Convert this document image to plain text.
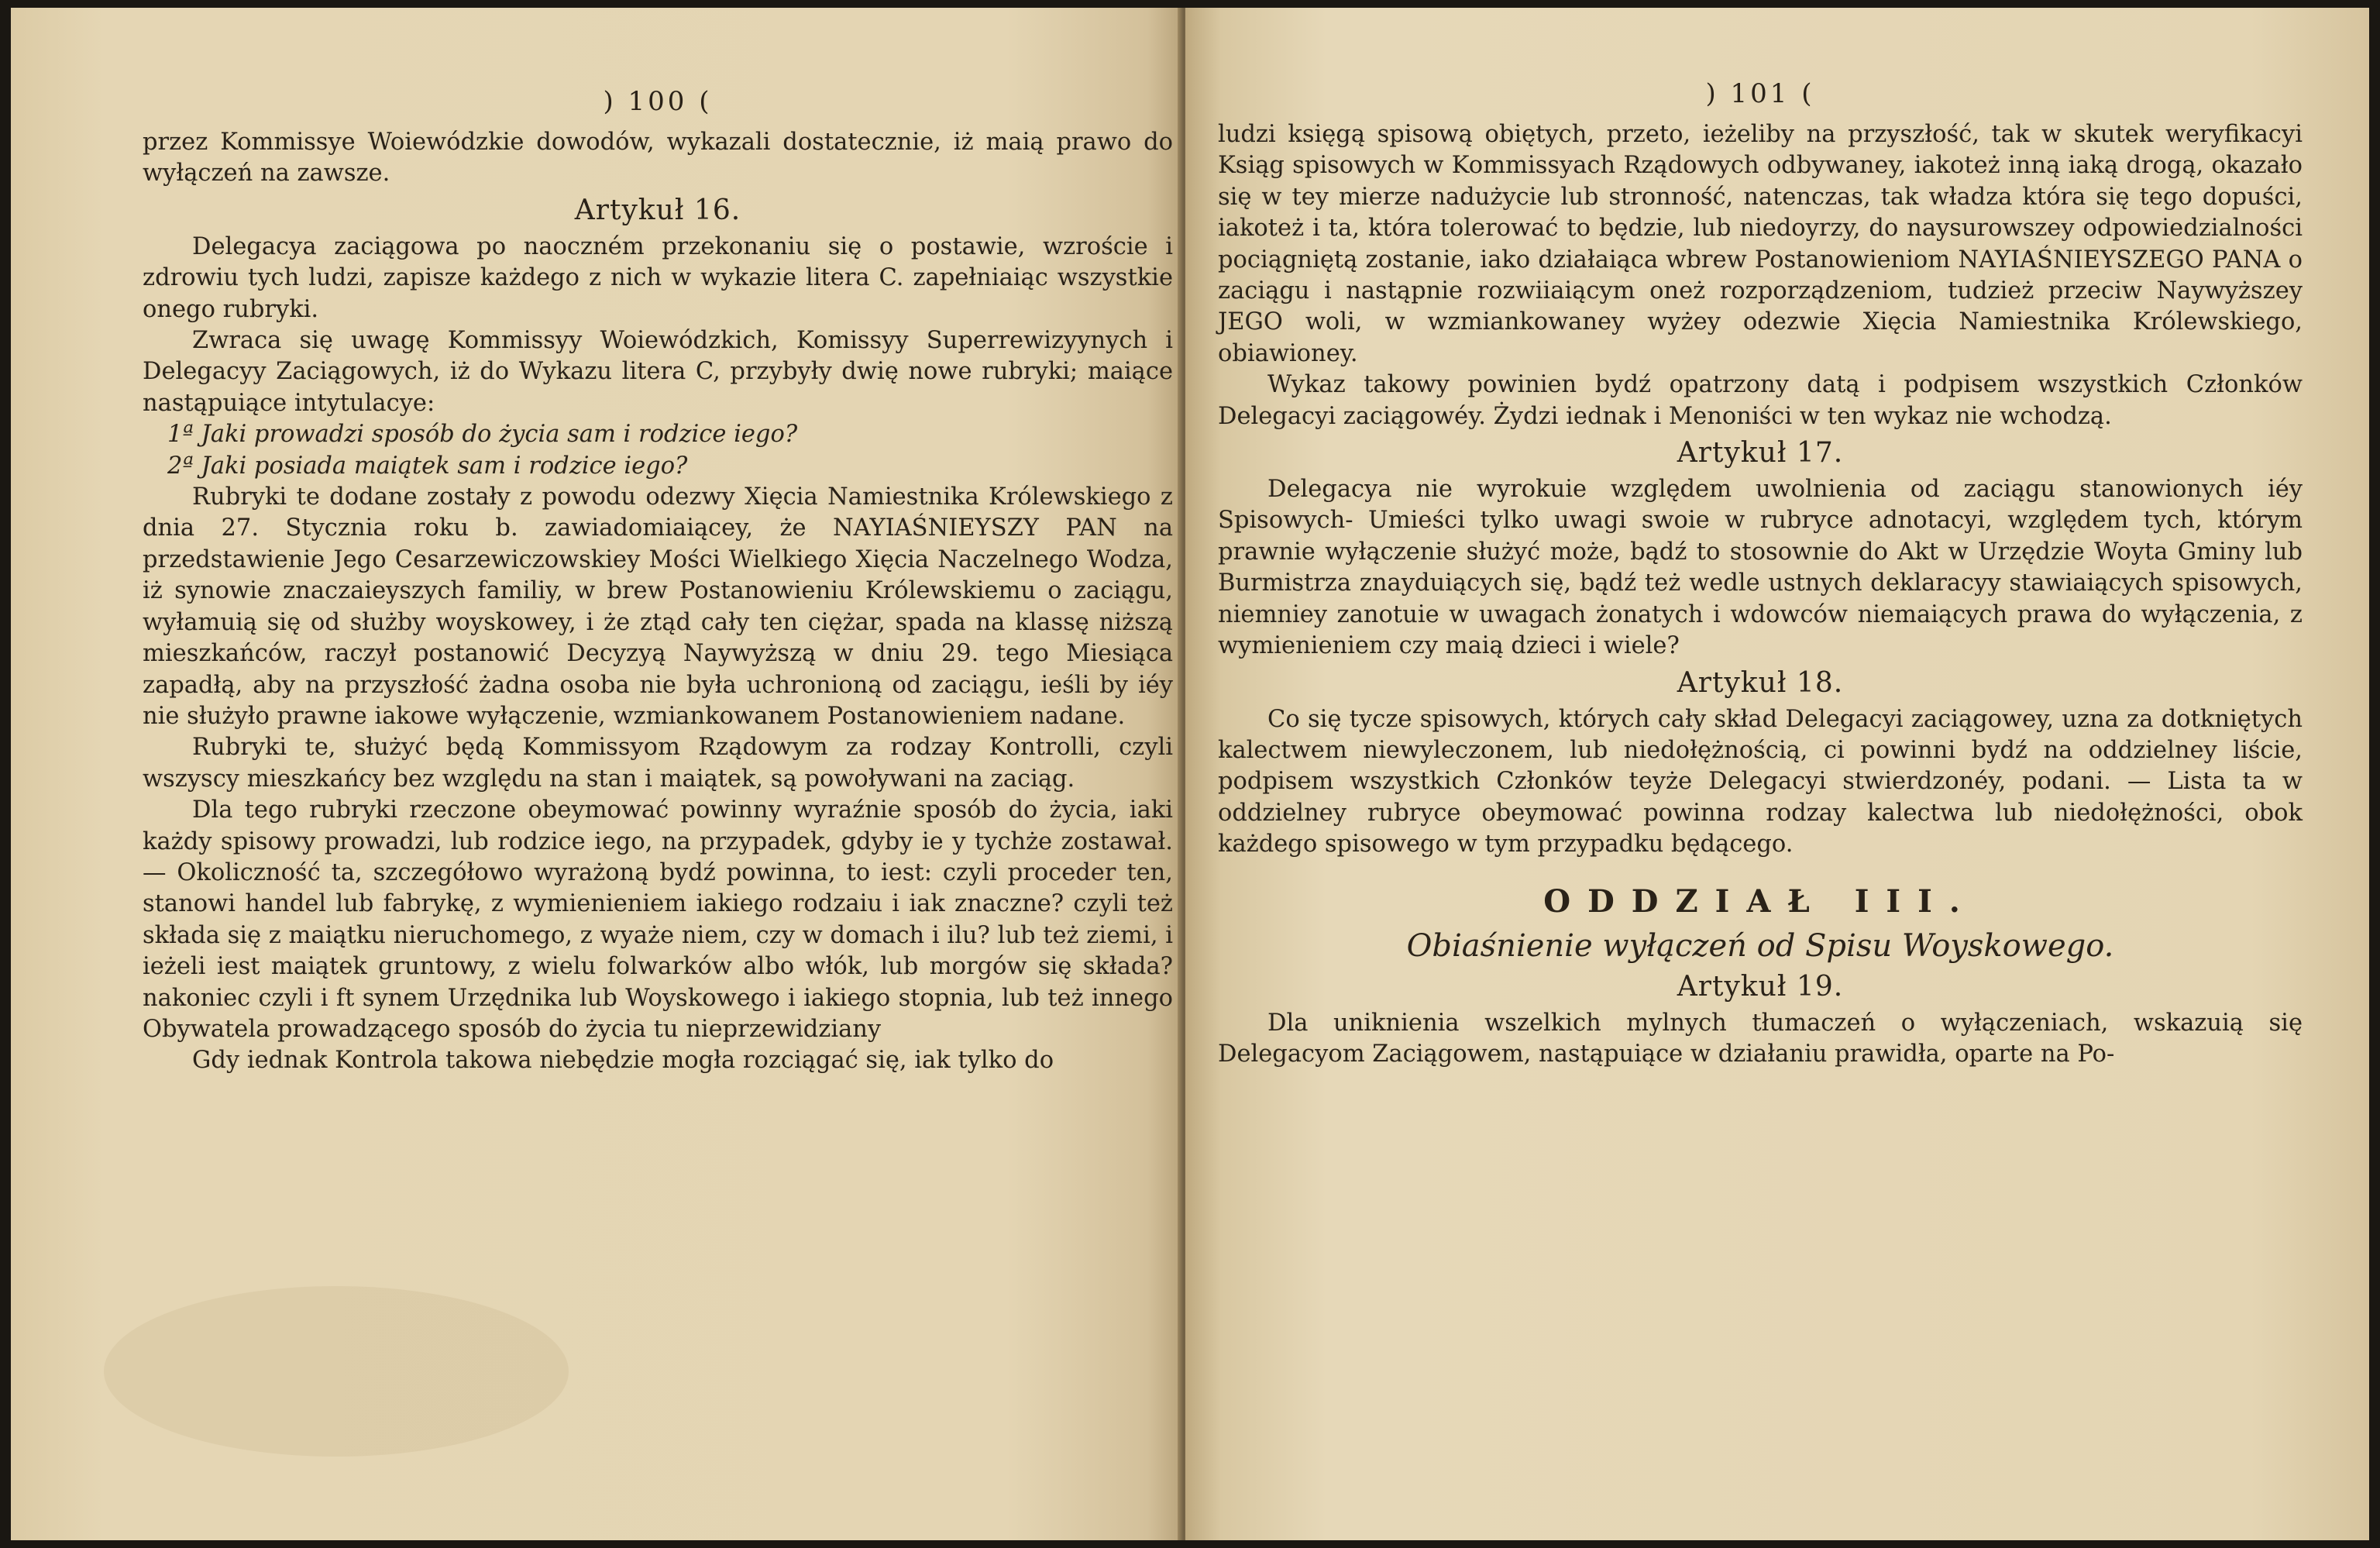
) 100 (

przez Kommissye Woiewódzkie dowodów, wykazali dostatecznie, iż maią prawo do wyłączeń na zawsze.

Artykuł 16.

Delegacya zaciągowa po naoczném przekonaniu się o postawie, wzroście i zdrowiu tych ludzi, zapisze każdego z nich w wykazie litera C. zapełniaiąc wszystkie onego rubryki.

Zwraca się uwagę Kommissyy Woiewódzkich, Komissyy Superrewizyynych i Delegacyy Zaciągowych, iż do Wykazu litera C, przybyły dwię nowe rubryki; maiące nastąpuiące intytulacye:

1ª Jaki prowadzi sposób do życia sam i rodzice iego?
2ª Jaki posiada maiątek sam i rodzice iego?

Rubryki te dodane zostały z powodu odezwy Xięcia Namiestnika Królewskiego z dnia 27. Stycznia roku b. zawiadomiaiącey, że NAYIAŚNIEYSZY PAN na przedstawienie Jego Cesarzewiczowskiey Mości Wielkiego Xięcia Naczelnego Wodza, iż synowie znaczaieyszych familiy, w brew Postanowieniu Królewskiemu o zaciągu, wyłamuią się od służby woyskowey, i że ztąd cały ten ciężar, spada na klassę niższą mieszkańców, raczył postanowić Decyzyą Naywyższą w dniu 29. tego Miesiąca zapadłą, aby na przyszłość żadna osoba nie była uchronioną od zaciągu, ieśli by iéy nie służyło prawne iakowe wyłączenie, wzmiankowanem Postanowieniem nadane.

Rubryki te, służyć będą Kommissyom Rządowym za rodzay Kontrolli, czyli wszyscy mieszkańcy bez względu na stan i maiątek, są powoływani na zaciąg.

Dla tego rubryki rzeczone obeymować powinny wyraźnie sposób do życia, iaki każdy spisowy prowadzi, lub rodzice iego, na przypadek, gdyby ie y tychże zostawał. — Okoliczność ta, szczegółowo wyrażoną bydź powinna, to iest: czyli proceder ten, stanowi handel lub fabrykę, z wymienieniem iakiego rodzaiu i iak znaczne? czyli też składa się z maiątku nieruchomego, z wyaże niem, czy w domach i ilu? lub też ziemi, i ieżeli iest maiątek gruntowy, z wielu folwarków albo włók, lub morgów się składa? nakoniec czyli i ft synem Urzędnika lub Woyskowego i iakiego stopnia, lub też innego Obywatela prowadzącego sposób do życia tu nieprzewidziany

Gdy iednak Kontrola takowa niebędzie mogła rozciągać się, iak tylko do

) 101 (

ludzi księgą spisową obiętych, przeto, ieżeliby na przyszłość, tak w skutek weryfikacyi Ksiąg spisowych w Kommissyach Rządowych odbywaney, iakoteż inną iaką drogą, okazało się w tey mierze nadużycie lub stronność, natenczas, tak władza która się tego dopuści, iakoteż i ta, która tolerować to będzie, lub niedoyrzy, do naysurowszey odpowiedzialności pociągniętą zostanie, iako działaiąca wbrew Postanowieniom NAYIAŚNIEYSZEGO PANA o zaciągu i nastąpnie rozwiiaiącym oneż rozporządzeniom, tudzież przeciw Naywyższey JEGO woli, w wzmiankowaney wyżey odezwie Xięcia Namiestnika Królewskiego, obiawioney.

Wykaz takowy powinien bydź opatrzony datą i podpisem wszystkich Członków Delegacyi zaciągowéy. Żydzi iednak i Menoniści w ten wykaz nie wchodzą.

Artykuł 17.

Delegacya nie wyrokuie względem uwolnienia od zaciągu stanowionych iéy Spisowych- Umieści tylko uwagi swoie w rubryce adnotacyi, względem tych, którym prawnie wyłączenie służyć może, bądź to stosownie do Akt w Urzędzie Woyta Gminy lub Burmistrza znayduiących się, bądź też wedle ustnych deklaracyy stawiaiących spisowych, niemniey zanotuie w uwagach żonatych i wdowców niemaiących prawa do wyłączenia, z wymienieniem czy maią dzieci i wiele?

Artykuł 18.

Co się tycze spisowych, których cały skład Delegacyi zaciągowey, uzna za dotkniętych kalectwem niewyleczonem, lub niedołężnością, ci powinni bydź na oddzielney liście, podpisem wszystkich Członków teyże Delegacyi stwierdzonéy, podani. — Lista ta w oddzielney rubryce obeymować powinna rodzay kalectwa lub niedołężności, obok każdego spisowego w tym przypadku będącego.

ODDZIAŁ III.
Obiaśnienie wyłączeń od Spisu Woyskowego.
Artykuł 19.

Dla uniknienia wszelkich mylnych tłumaczeń o wyłączeniach, wskazuią się Delegacyom Zaciągowem, nastąpuiące w działaniu prawidła, oparte na Po-
